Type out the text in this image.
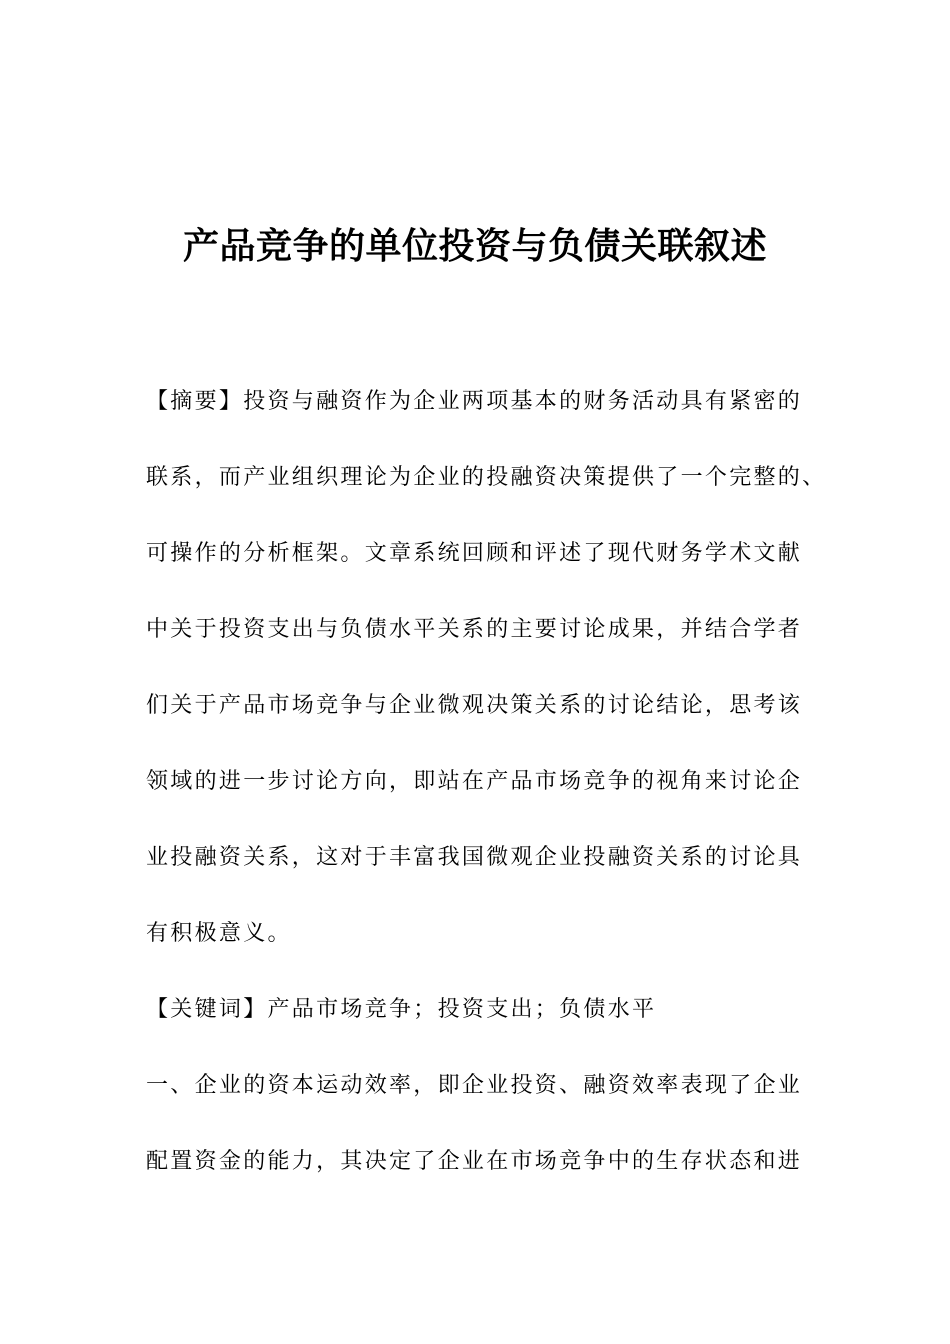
产品竞争的单位投资与负债关联叙述
【摘要】投资与融资作为企业两项基本的财务活动具有紧密的
联系，而产业组织理论为企业的投融资决策提供了一个完整的、
可操作的分析框架。文章系统回顾和评述了现代财务学术文献
中关于投资支出与负债水平关系的主要讨论成果，并结合学者
们关于产品市场竞争与企业微观决策关系的讨论结论，思考该
领域的进一步讨论方向，即站在产品市场竞争的视角来讨论企
业投融资关系，这对于丰富我国微观企业投融资关系的讨论具
有积极意义。
【关键词】产品市场竞争；投资支出；负债水平
一、企业的资本运动效率，即企业投资、融资效率表现了企业
配置资金的能力，其决定了企业在市场竞争中的生存状态和进
